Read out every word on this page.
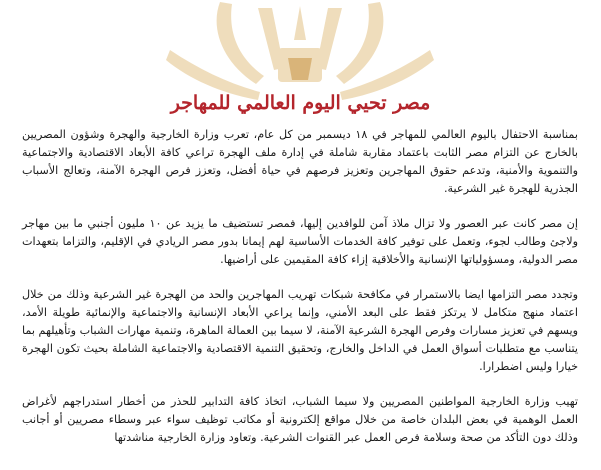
مصر تحيي اليوم العالمي للمهاجر

بمناسبة الاحتفال باليوم العالمي للمهاجر في ١٨ ديسمبر من كل عام، تعرب وزارة الخارجية والهجرة وشؤون المصريين بالخارج عن التزام مصر الثابت باعتماد مقاربة شاملة في إدارة ملف الهجرة تراعي كافة الأبعاد الاقتصادية والاجتماعية والتنموية والأمنية، وتدعم حقوق المهاجرين وتعزيز فرصهم في حياة أفضل، وتعزز فرص الهجرة الآمنة، وتعالج الأسباب الجذرية للهجرة غير الشرعية.

إن مصر كانت عبر العصور ولا تزال ملاذ آمن للوافدين إليها، فمصر تستضيف ما يزيد عن ١٠ مليون أجنبي ما بين مهاجر ولاجئ وطالب لجوء، وتعمل على توفير كافة الخدمات الأساسية لهم إيمانا بدور مصر الريادي في الإقليم، والتزاما بتعهدات مصر الدولية، ومسؤولياتها الإنسانية والأخلاقية إزاء كافة المقيمين على أراضيها.

وتجدد مصر التزامها ايضا بالاستمرار في مكافحة شبكات تهريب المهاجرين والحد من الهجرة غير الشرعية وذلك من خلال اعتماد منهج متكامل لا يرتكز فقط على البعد الأمني، وإنما يراعي الأبعاد الإنسانية والاجتماعية والإنمائية طويلة الأمد، ويسهم في تعزيز مسارات وفرص الهجرة الشرعية الآمنة، لا سيما بين العمالة الماهرة، وتنمية مهارات الشباب وتأهيلهم بما يتناسب مع متطلبات أسواق العمل في الداخل والخارج، وتحقيق التنمية الاقتصادية والاجتماعية الشاملة بحيث تكون الهجرة خيارا وليس اضطرارا.

تهيب وزارة الخارجية المواطنين المصريين ولا سيما الشباب، اتخاذ كافة التدابير للحذر من أخطار استدراجهم لأغراض العمل الوهمية في بعض البلدان خاصة من خلال مواقع إلكترونية أو مكاتب توظيف سواء عبر وسطاء مصريين أو أجانب وذلك دون التأكد من صحة وسلامة فرص العمل عبر القنوات الشرعية. وتعاود وزارة الخارجية مناشدتها
